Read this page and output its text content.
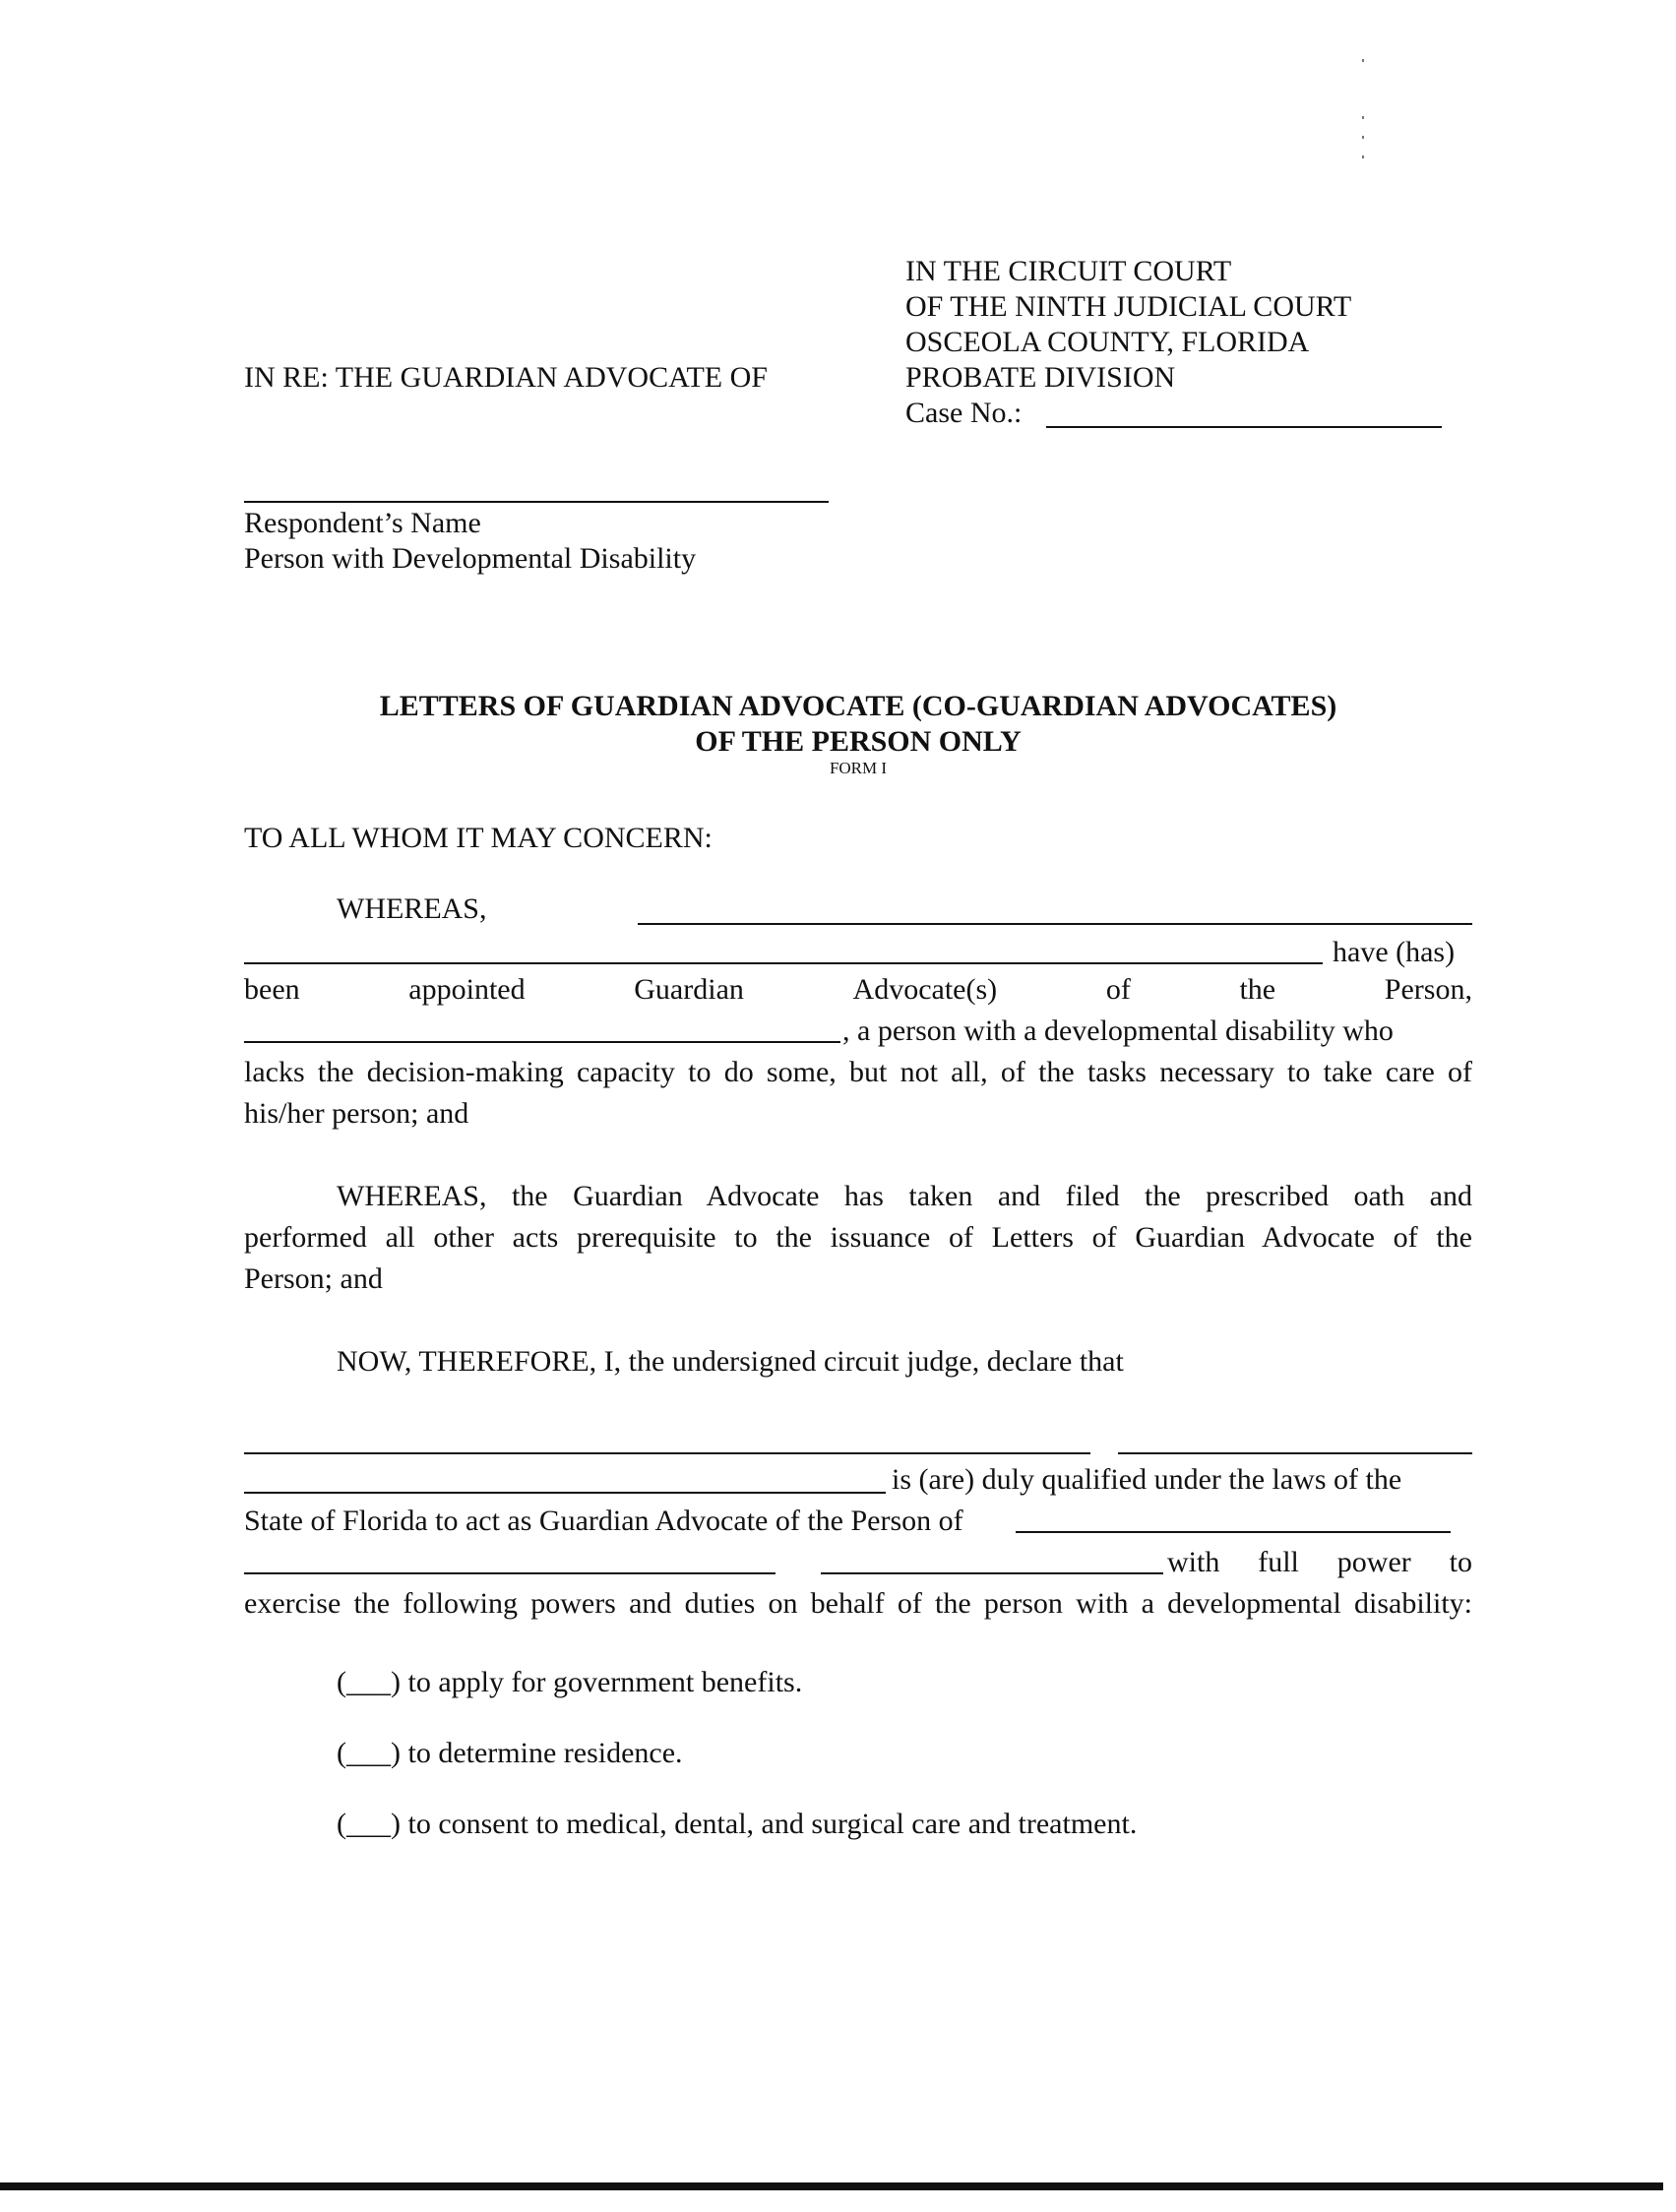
IN THE CIRCUIT COURT
OF THE NINTH JUDICIAL COURT
OSCEOLA COUNTY, FLORIDA
PROBATE DIVISION
Case No.:
IN RE: THE GUARDIAN ADVOCATE OF
Respondent’s Name
Person with Developmental Disability
LETTERS OF GUARDIAN ADVOCATE (CO-GUARDIAN ADVOCATES)
OF THE PERSON ONLY
FORM I
TO ALL WHOM IT MAY CONCERN:
WHEREAS,
have (has)
been	appointed	Guardian	Advocate(s)	of	the	Person,
, a person with a developmental disability who
lacks the decision-making capacity to do some, but not all, of the tasks necessary to take care of
his/her person; and
WHEREAS, the Guardian Advocate has taken and filed the prescribed oath and
performed all other acts prerequisite to the issuance of Letters of Guardian Advocate of the
Person; and
NOW, THEREFORE, I, the undersigned circuit judge, declare that
is (are) duly qualified under the laws of the
State of Florida to act as Guardian Advocate of the Person of
with full power to
exercise the following powers and duties on behalf of the person with a developmental disability:
(___) to apply for government benefits.
(___) to determine residence.
(___) to consent to medical, dental, and surgical care and treatment.
